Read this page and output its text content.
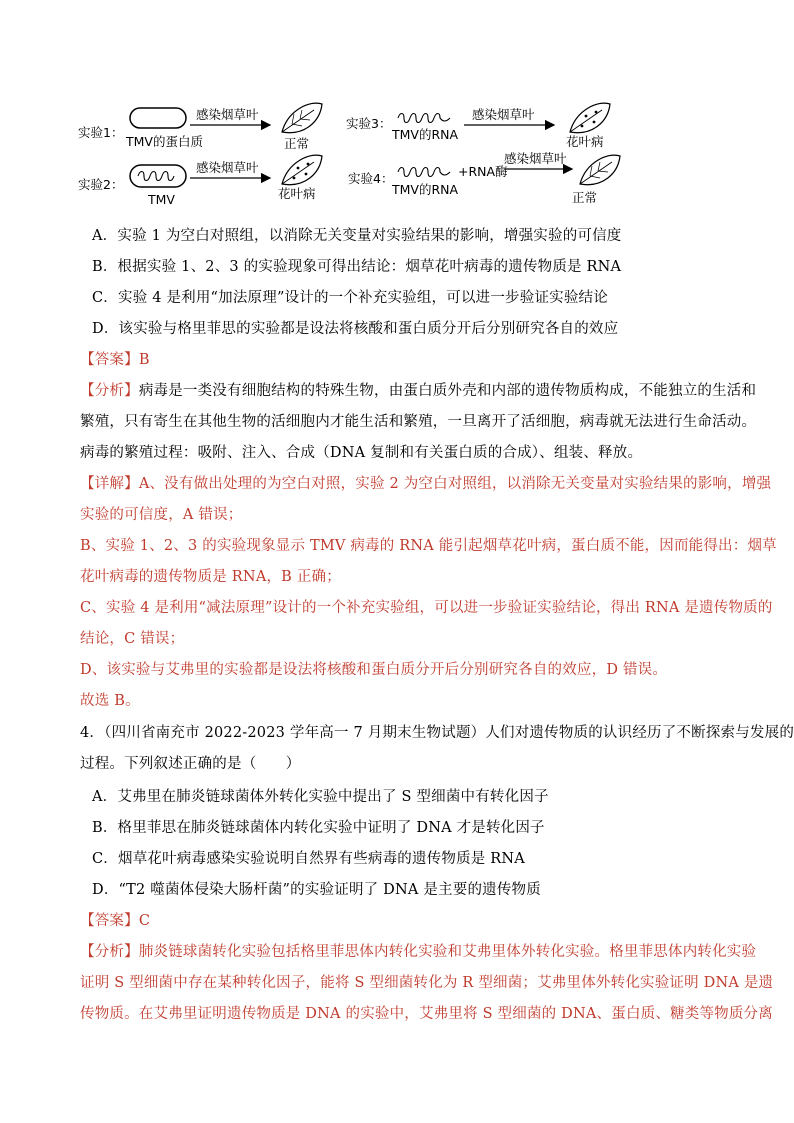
实验1：
TMV的蛋白质
感染烟草叶
正常
实验2：
TMV
感染烟草叶
花叶病
实验3：
TMV的RNA
感染烟草叶
花叶病
实验4：	+RNA酶
TMV的RNA
感染烟草叶
正常
A．实验 1 为空白对照组，以消除无关变量对实验结果的影响，增强实验的可信度
B．根据实验 1、2、3 的实验现象可得出结论：烟草花叶病毒的遗传物质是 RNA
C．实验 4 是利用“加法原理”设计的一个补充实验组，可以进一步验证实验结论
D．该实验与格里菲思的实验都是设法将核酸和蛋白质分开后分别研究各自的效应
【答案】B
【分析】病毒是一类没有细胞结构的特殊生物，由蛋白质外壳和内部的遗传物质构成，不能独立的生活和
繁殖，只有寄生在其他生物的活细胞内才能生活和繁殖，一旦离开了活细胞，病毒就无法进行生命活动。
病毒的繁殖过程：吸附、注入、合成（DNA 复制和有关蛋白质的合成）、组装、释放。
【详解】A、没有做出处理的为空白对照，实验 2 为空白对照组，以消除无关变量对实验结果的影响，增强
实验的可信度，A 错误；
B、实验 1、2、3 的实验现象显示 TMV 病毒的 RNA 能引起烟草花叶病，蛋白质不能，因而能得出：烟草
花叶病毒的遗传物质是 RNA，B 正确；
C、实验 4 是利用“减法原理”设计的一个补充实验组，可以进一步验证实验结论，得出 RNA 是遗传物质的
结论，C 错误；
D、该实验与艾弗里的实验都是设法将核酸和蛋白质分开后分别研究各自的效应，D 错误。
故选 B。
4．（四川省南充市 2022-2023 学年高一 7 月期末生物试题）人们对遗传物质的认识经历了不断探索与发展的
过程。下列叙述正确的是（　　）
A．艾弗里在肺炎链球菌体外转化实验中提出了 S 型细菌中有转化因子
B．格里菲思在肺炎链球菌体内转化实验中证明了 DNA 才是转化因子
C．烟草花叶病毒感染实验说明自然界有些病毒的遗传物质是 RNA
D．“T2 噬菌体侵染大肠杆菌”的实验证明了 DNA 是主要的遗传物质
【答案】C
【分析】肺炎链球菌转化实验包括格里菲思体内转化实验和艾弗里体外转化实验。格里菲思体内转化实验
证明 S 型细菌中存在某种转化因子，能将 S 型细菌转化为 R 型细菌；艾弗里体外转化实验证明 DNA 是遗
传物质。在艾弗里证明遗传物质是 DNA 的实验中，艾弗里将 S 型细菌的 DNA、蛋白质、糖类等物质分离
